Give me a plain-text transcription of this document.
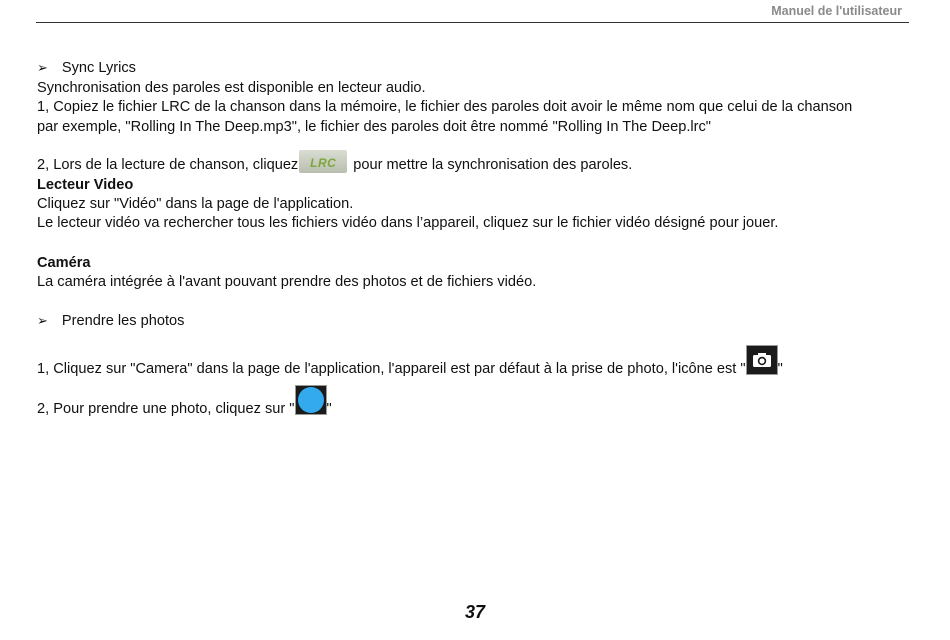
Manuel de l'utilisateur
➢ Sync Lyrics
Synchronisation des paroles est disponible en lecteur audio.
1, Copiez le fichier LRC de la chanson dans la mémoire, le fichier des paroles doit avoir le même nom que celui de la chanson
par exemple, "Rolling In The Deep.mp3", le fichier des paroles doit être nommé "Rolling In The Deep.lrc"
2, Lors de la lecture de chanson, cliquez LRC	pour mettre la synchronisation des paroles.
Lecteur Video
Cliquez sur "Vidéo" dans la page de l'application.
Le lecteur vidéo va rechercher tous les fichiers vidéo dans l’appareil, cliquez sur le fichier vidéo désigné pour jouer.
Caméra
La caméra intégrée à l'avant pouvant prendre des photos et de fichiers vidéo.
➢ Prendre les photos
1, Cliquez sur "Camera" dans la page de l'application, l'appareil est par défaut à la prise de photo, l'icône est " "
2, Pour prendre une photo, cliquez sur " "
37
